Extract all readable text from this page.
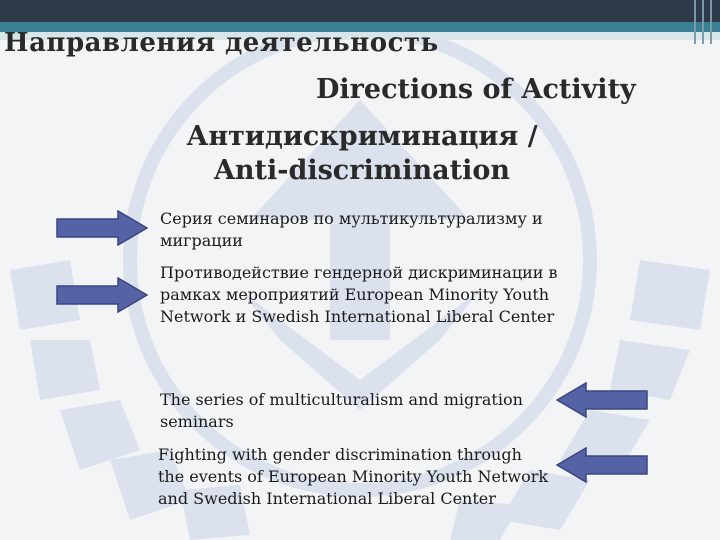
Направления деятельность
Directions of Activity
Антидискриминация /
Anti-discrimination

Серия семинаров по мультикультурализму и миграции

Противодействие гендерной дискриминации в рамках мероприятий European Minority Youth Network и Swedish International Liberal Center

The series of multiculturalism and migration seminars

Fighting with gender discrimination through the events of European Minority Youth Network and Swedish International Liberal Center
